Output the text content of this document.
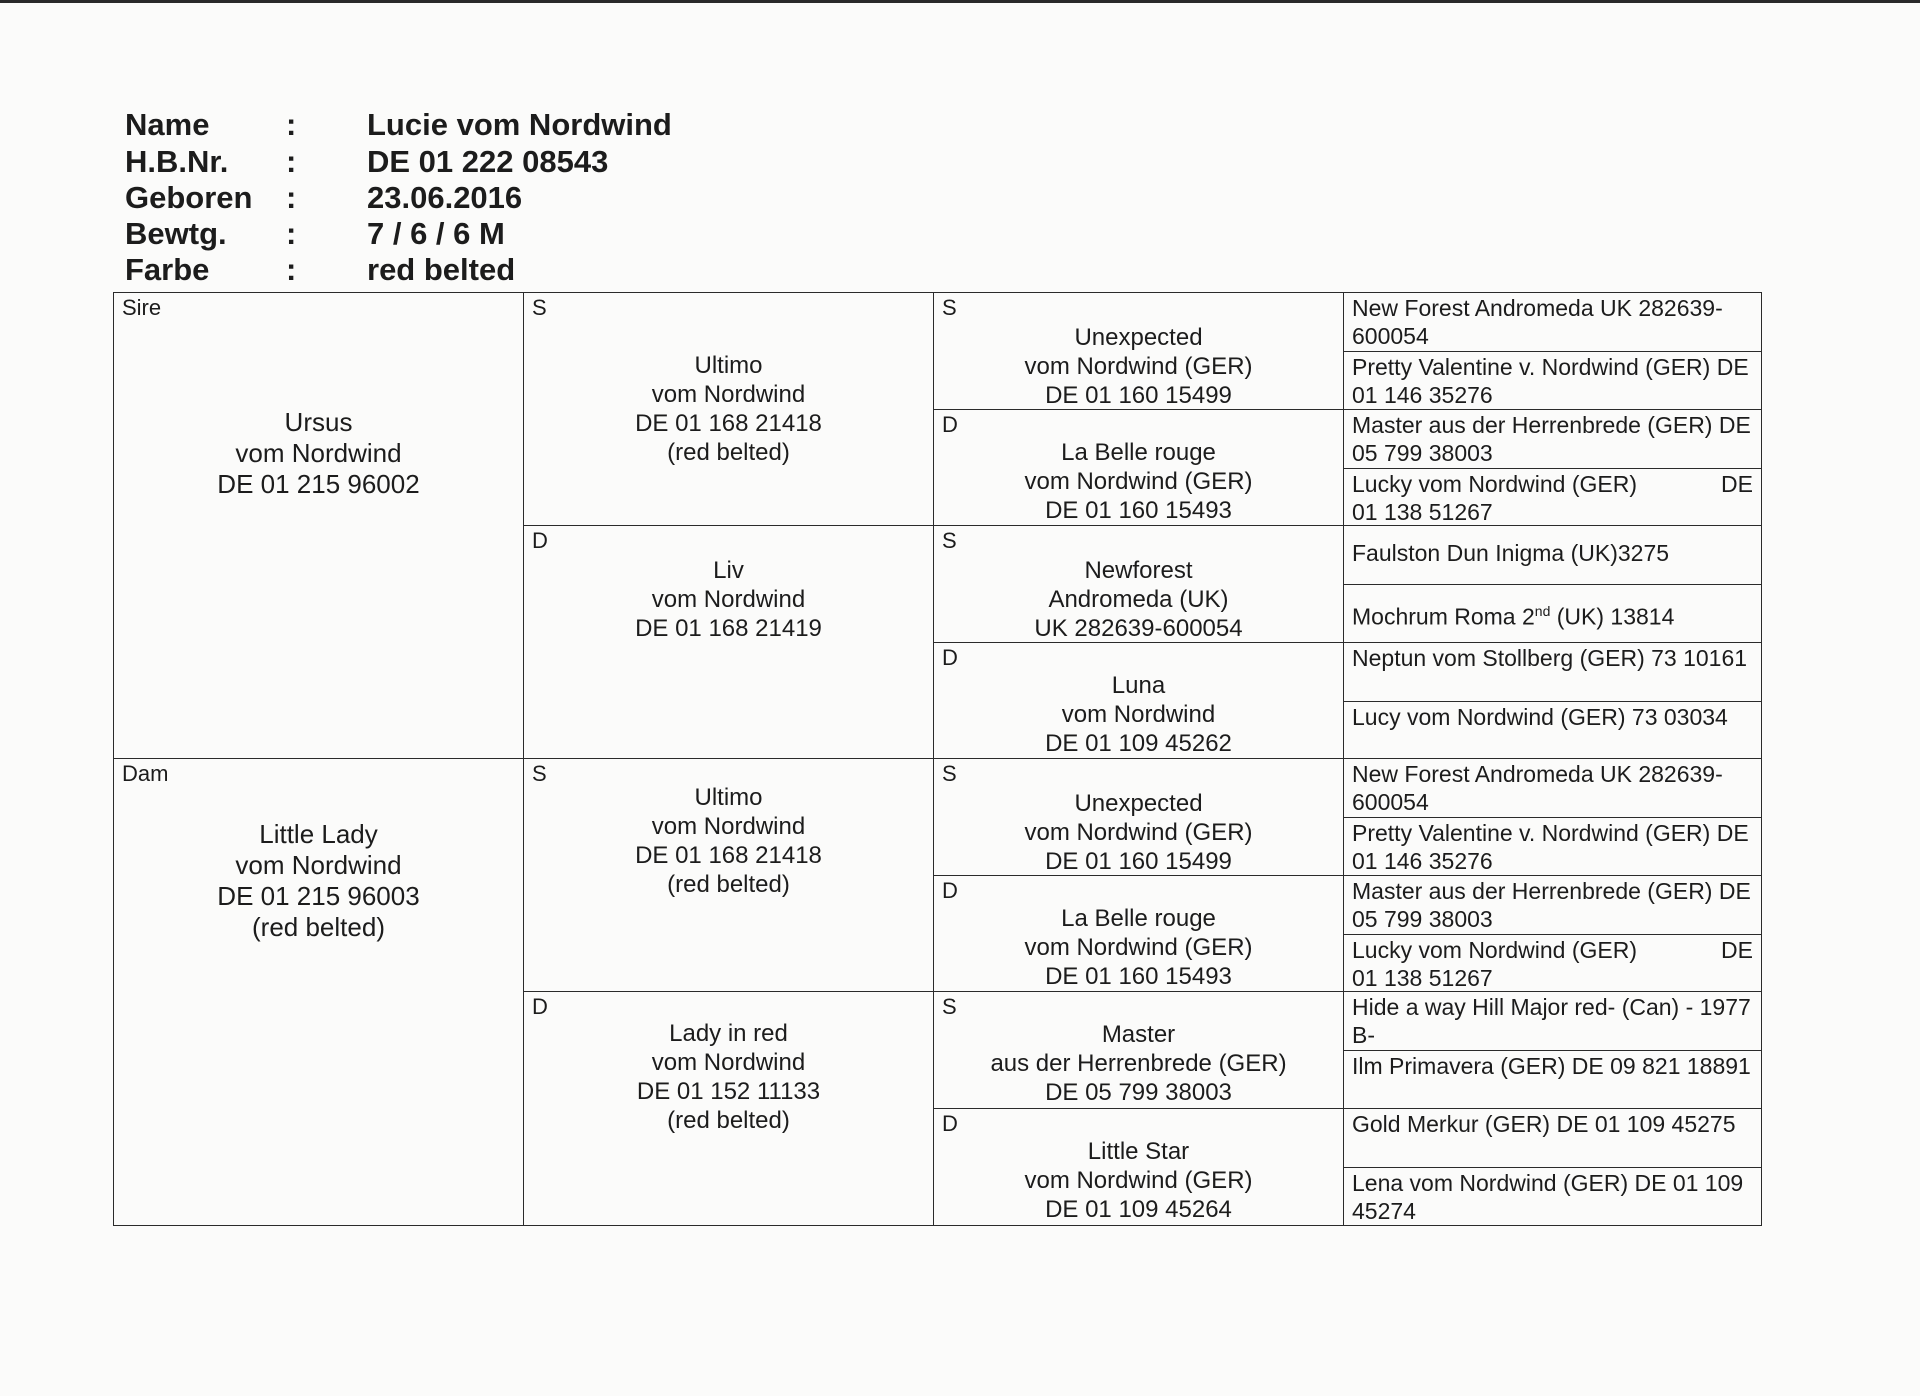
Name : Lucie vom Nordwind
H.B.Nr. : DE 01 222 08543
Geboren : 23.06.2016
Bewtg. : 7 / 6 / 6 M
Farbe : red belted
Sire
Ursus
vom Nordwind
DE 01 215 96002
Dam
Little Lady
vom Nordwind
DE 01 215 96003
(red belted)
S
Ultimo
vom Nordwind
DE 01 168 21418
(red belted)
D
Liv
vom Nordwind
DE 01 168 21419
S
Ultimo
vom Nordwind
DE 01 168 21418
(red belted)
D
Lady in red
vom Nordwind
DE 01 152 11133
(red belted)
S
Unexpected
vom Nordwind (GER)
DE 01 160 15499
D
La Belle rouge
vom Nordwind (GER)
DE 01 160 15493
S
Newforest
Andromeda (UK)
UK 282639-600054
D
Luna
vom Nordwind
DE 01 109 45262
S
Unexpected
vom Nordwind (GER)
DE 01 160 15499
D
La Belle rouge
vom Nordwind (GER)
DE 01 160 15493
S
Master
aus der Herrenbrede (GER)
DE 05 799 38003
D
Little Star
vom Nordwind (GER)
DE 01 109 45264
New Forest Andromeda UK 282639-600054
Pretty Valentine v. Nordwind (GER) DE 01 146 35276
Master aus der Herrenbrede (GER) DE 05 799 38003
Lucky vom Nordwind (GER)	DE
01 138 51267
Faulston Dun Inigma (UK)3275
Mochrum Roma 2nd (UK) 13814
Neptun vom Stollberg (GER) 73 10161
Lucy vom Nordwind (GER) 73 03034
New Forest Andromeda UK 282639-600054
Pretty Valentine v. Nordwind (GER) DE 01 146 35276
Master aus der Herrenbrede (GER) DE 05 799 38003
Lucky vom Nordwind (GER)	DE
01 138 51267
Hide a way Hill Major red- (Can) - 1977 B-
Ilm Primavera (GER) DE 09 821 18891
Gold Merkur (GER) DE 01 109 45275
Lena vom Nordwind (GER) DE 01 109 45274
